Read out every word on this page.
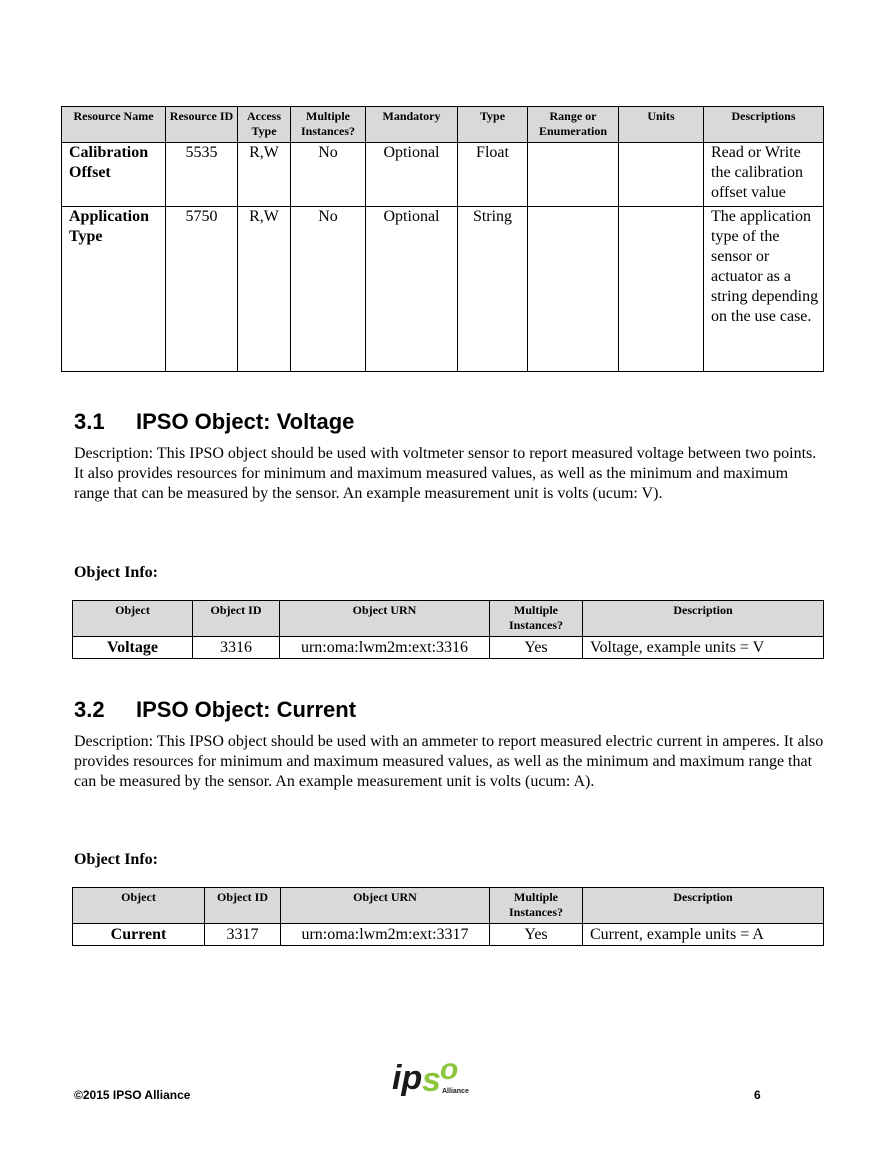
Resource Name	Resource ID	Access Type	Multiple Instances?	Mandatory	Type	Range or Enumeration	Units	Descriptions
Calibration Offset	5535	R,W	No	Optional	Float			Read or Write the calibration offset value
Application Type	5750	R,W	No	Optional	String			The application type of the sensor or actuator as a string depending on the use case.
3.1 IPSO Object: Voltage

Description: This IPSO object should be used with voltmeter sensor to report measured voltage between two points. It also provides resources for minimum and maximum measured values, as well as the minimum and maximum range that can be measured by the sensor. An example measurement unit is volts (ucum: V).

Object Info:

Object	Object ID	Object URN	Multiple Instances?	Description
Voltage	3316	urn:oma:lwm2m:ext:3316	Yes	Voltage, example units = V
3.2 IPSO Object: Current

Description: This IPSO object should be used with an ammeter to report measured electric current in amperes. It also provides resources for minimum and maximum measured values, as well as the minimum and maximum range that can be measured by the sensor. An example measurement unit is volts (ucum: A).

Object Info:

Object	Object ID	Object URN	Multiple Instances?	Description
Current	3317	urn:oma:lwm2m:ext:3317	Yes	Current, example units = A
©2015 IPSO Alliance	ip s o
Alliance	6
